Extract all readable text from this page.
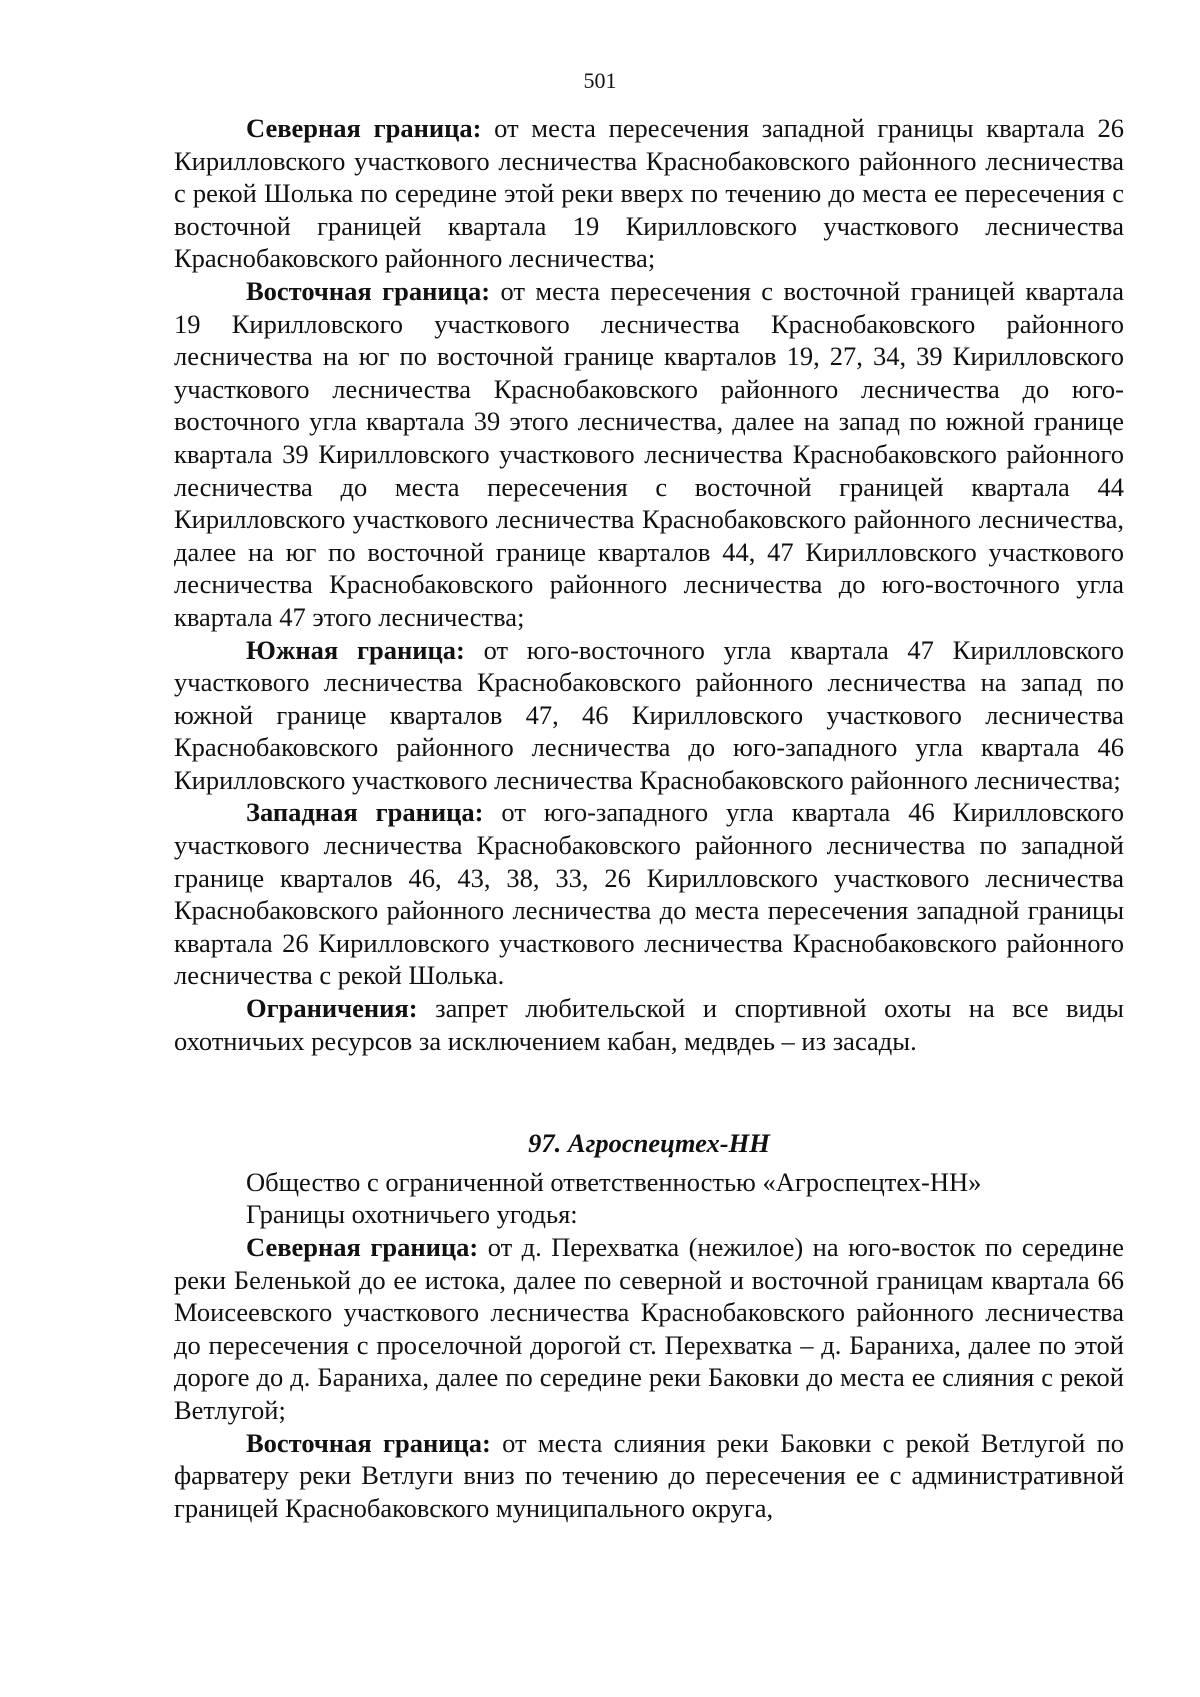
501

Северная граница: от места пересечения западной границы квартала 26 Кирилловского участкового лесничества Краснобаковского районного лесничества с рекой Шолька по середине этой реки вверх по течению до места ее пересечения с восточной границей квартала 19 Кирилловского участкового лесничества Краснобаковского районного лесничества;

Восточная граница: от места пересечения с восточной границей квартала 19 Кирилловского участкового лесничества Краснобаковского районного лесничества на юг по восточной границе кварталов 19, 27, 34, 39 Кирилловского участкового лесничества Краснобаковского районного лесничества до юго-восточного угла квартала 39 этого лесничества, далее на запад по южной границе квартала 39 Кирилловского участкового лесничества Краснобаковского районного лесничества до места пересечения с восточной границей квартала 44 Кирилловского участкового лесничества Краснобаковского районного лесничества, далее на юг по восточной границе кварталов 44, 47 Кирилловского участкового лесничества Краснобаковского районного лесничества до юго-восточного угла квартала 47 этого лесничества;

Южная граница: от юго-восточного угла квартала 47 Кирилловского участкового лесничества Краснобаковского районного лесничества на запад по южной границе кварталов 47, 46 Кирилловского участкового лесничества Краснобаковского районного лесничества до юго-западного угла квартала 46 Кирилловского участкового лесничества Краснобаковского районного лесничества;

Западная граница: от юго-западного угла квартала 46 Кирилловского участкового лесничества Краснобаковского районного лесничества по западной границе кварталов 46, 43, 38, 33, 26 Кирилловского участкового лесничества Краснобаковского районного лесничества до места пересечения западной границы квартала 26 Кирилловского участкового лесничества Краснобаковского районного лесничества с рекой Шолька.

Ограничения: запрет любительской и спортивной охоты на все виды охотничьих ресурсов за исключением кабан, медвдеь – из засады.

97. Агроспецтех-НН

Общество с ограниченной ответственностью «Агроспецтех-НН»

Границы охотничьего угодья:

Северная граница: от д. Перехватка (нежилое) на юго-восток по середине реки Беленькой до ее истока, далее по северной и восточной границам квартала 66 Моисеевского участкового лесничества Краснобаковского районного лесничества до пересечения с проселочной дорогой ст. Перехватка – д. Бараниха, далее по этой дороге до д. Бараниха, далее по середине реки Баковки до места ее слияния с рекой Ветлугой;

Восточная граница: от места слияния реки Баковки с рекой Ветлугой по фарватеру реки Ветлуги вниз по течению до пересечения ее с административной границей Краснобаковского муниципального округа,
